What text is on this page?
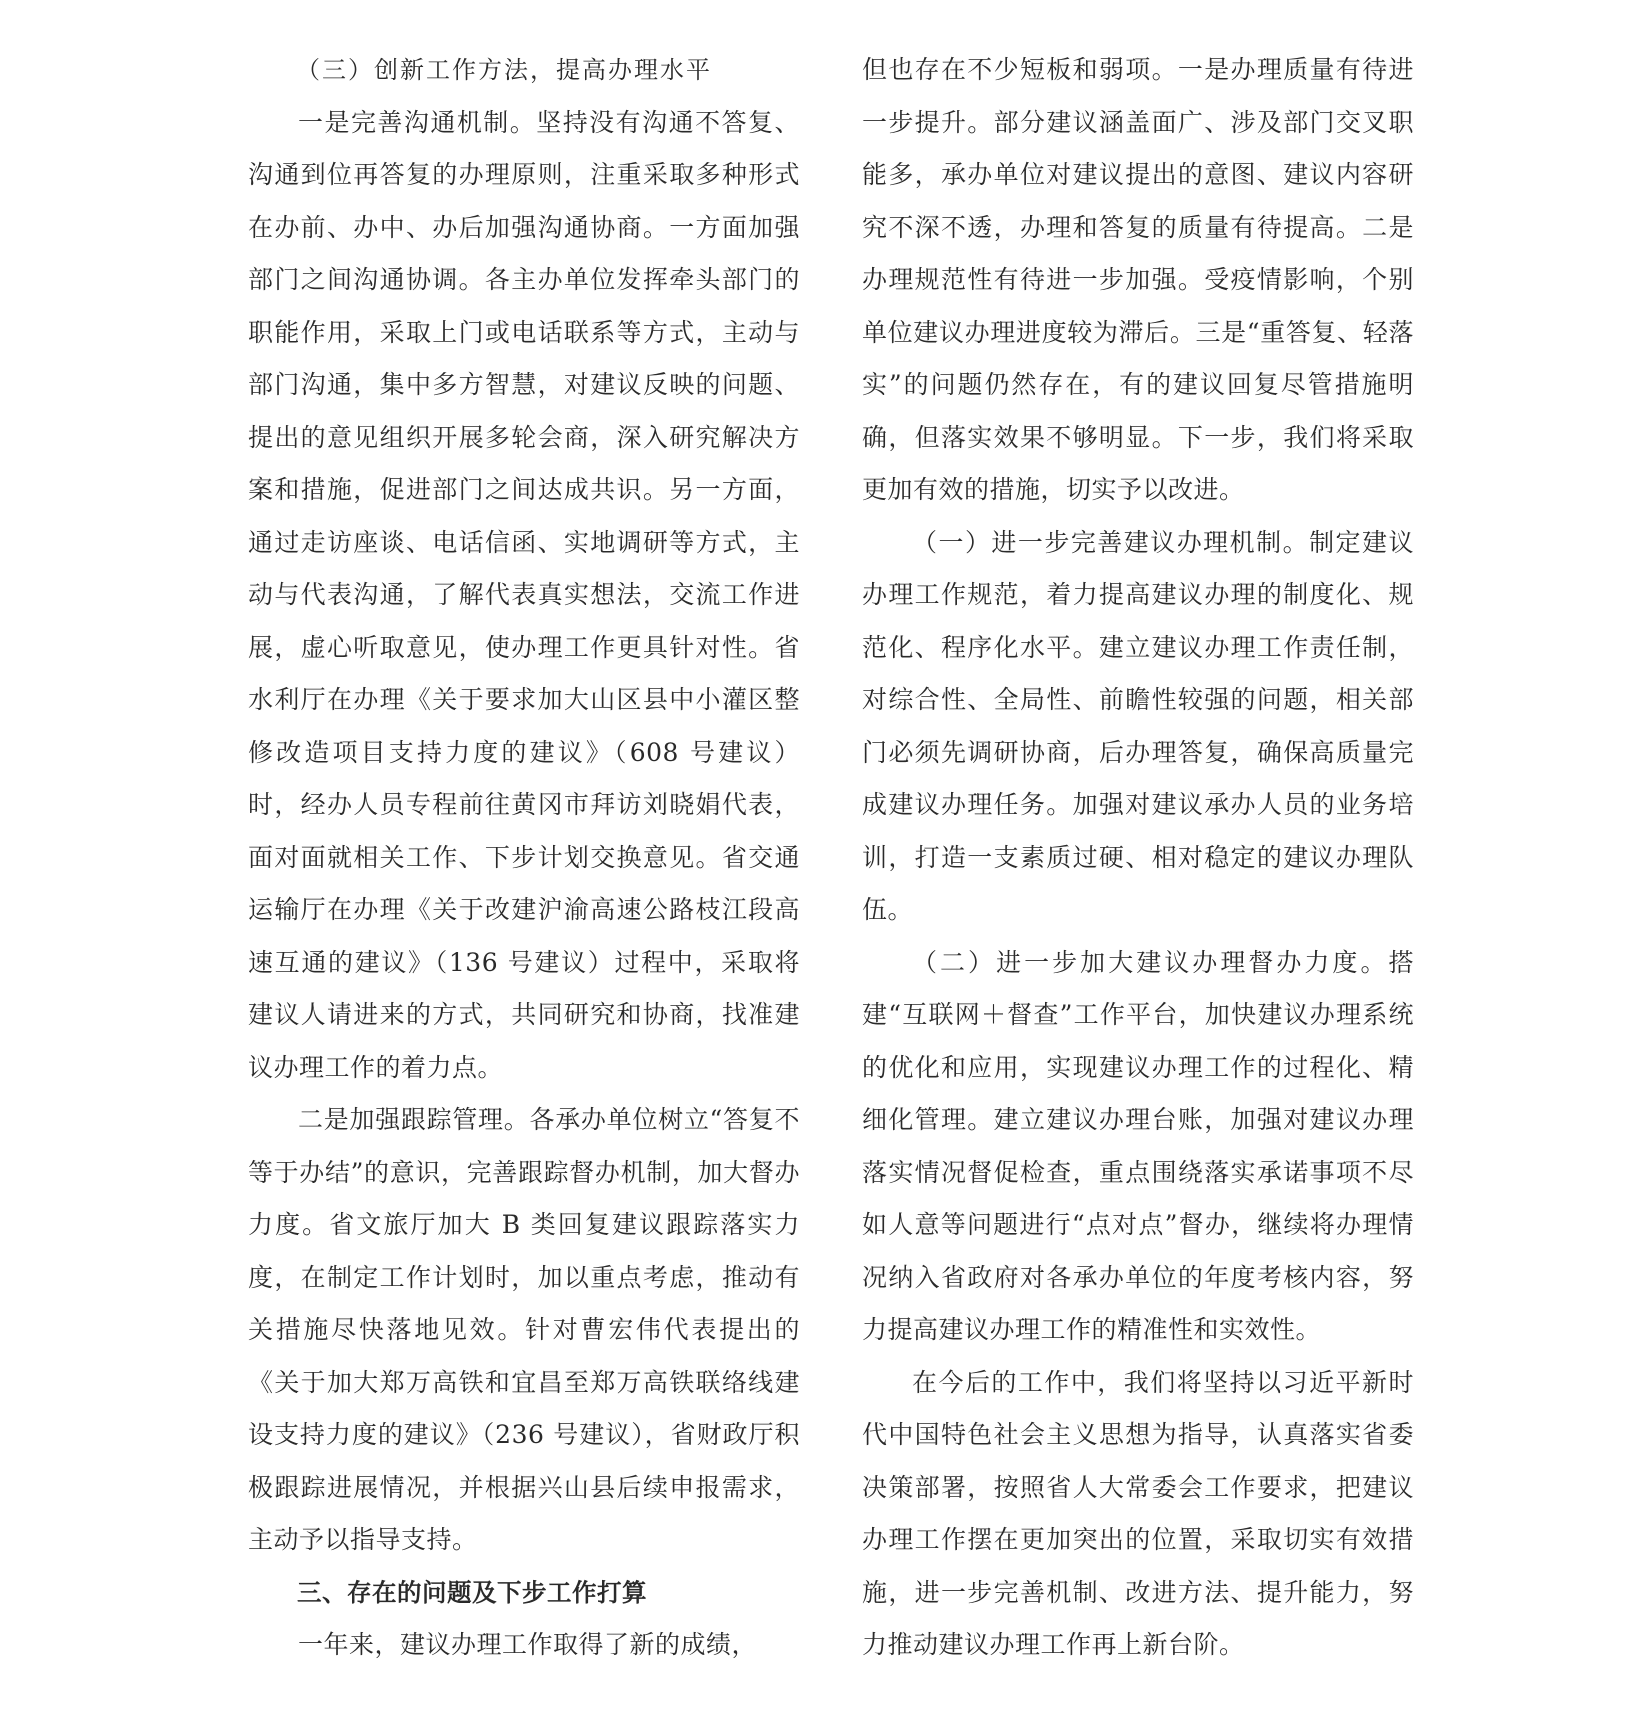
（三）创新工作方法，提高办理水平

一是完善沟通机制。坚持没有沟通不答复、沟通到位再答复的办理原则，注重采取多种形式在办前、办中、办后加强沟通协商。一方面加强部门之间沟通协调。各主办单位发挥牵头部门的职能作用，采取上门或电话联系等方式，主动与部门沟通，集中多方智慧，对建议反映的问题、提出的意见组织开展多轮会商，深入研究解决方案和措施，促进部门之间达成共识。另一方面，通过走访座谈、电话信函、实地调研等方式，主动与代表沟通，了解代表真实想法，交流工作进展，虚心听取意见，使办理工作更具针对性。省水利厅在办理《关于要求加大山区县中小灌区整修改造项目支持力度的建议》（608 号建议）时，经办人员专程前往黄冈市拜访刘晓娟代表，面对面就相关工作、下步计划交换意见。省交通运输厅在办理《关于改建沪渝高速公路枝江段高速互通的建议》（136 号建议）过程中，采取将建议人请进来的方式，共同研究和协商，找准建议办理工作的着力点。

二是加强跟踪管理。各承办单位树立“答复不等于办结”的意识，完善跟踪督办机制，加大督办力度。省文旅厅加大 B 类回复建议跟踪落实力度，在制定工作计划时，加以重点考虑，推动有关措施尽快落地见效。针对曹宏伟代表提出的《关于加大郑万高铁和宜昌至郑万高铁联络线建设支持力度的建议》（236 号建议），省财政厅积极跟踪进展情况，并根据兴山县后续申报需求，主动予以指导支持。

三、存在的问题及下步工作打算

一年来，建议办理工作取得了新的成绩，

但也存在不少短板和弱项。一是办理质量有待进一步提升。部分建议涵盖面广、涉及部门交叉职能多，承办单位对建议提出的意图、建议内容研究不深不透，办理和答复的质量有待提高。二是办理规范性有待进一步加强。受疫情影响，个别单位建议办理进度较为滞后。三是“重答复、轻落实”的问题仍然存在，有的建议回复尽管措施明确，但落实效果不够明显。下一步，我们将采取更加有效的措施，切实予以改进。

（一）进一步完善建议办理机制。制定建议办理工作规范，着力提高建议办理的制度化、规范化、程序化水平。建立建议办理工作责任制，对综合性、全局性、前瞻性较强的问题，相关部门必须先调研协商，后办理答复，确保高质量完成建议办理任务。加强对建议承办人员的业务培训，打造一支素质过硬、相对稳定的建议办理队伍。

（二）进一步加大建议办理督办力度。搭建“互联网＋督查”工作平台，加快建议办理系统的优化和应用，实现建议办理工作的过程化、精细化管理。建立建议办理台账，加强对建议办理落实情况督促检查，重点围绕落实承诺事项不尽如人意等问题进行“点对点”督办，继续将办理情况纳入省政府对各承办单位的年度考核内容，努力提高建议办理工作的精准性和实效性。

在今后的工作中，我们将坚持以习近平新时代中国特色社会主义思想为指导，认真落实省委决策部署，按照省人大常委会工作要求，把建议办理工作摆在更加突出的位置，采取切实有效措施，进一步完善机制、改进方法、提升能力，努力推动建议办理工作再上新台阶。
